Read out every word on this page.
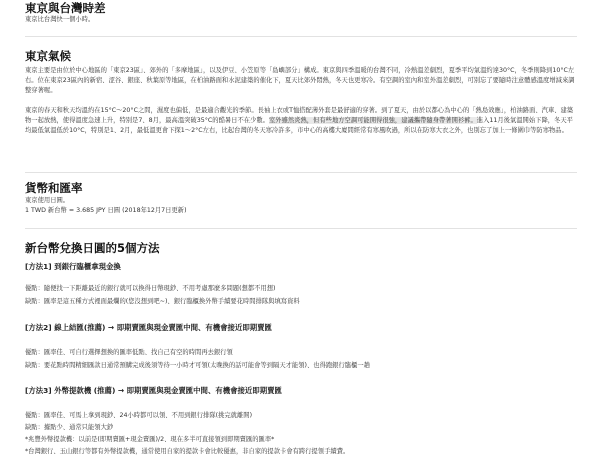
東京與台灣時差

東京比台灣快一個小時。

東京氣候

東京主要是由位於中心地區的「東京23區」、郊外的「多摩地區」，以及伊豆、小笠原等「島嶼部分」構成。東京與四季溫暖的台灣不同，冷熱溫差劇烈，夏季平均氣溫約達30°C，冬季則降到10°C左右。位在東京23區內的新宿、涩谷、銀座、秋葉原等地區，在柏油路面和水泥建築的催化下，夏天比郊外悶熱，冬天也更寒冷。有空調的室內和室外溫差劇烈，可別忘了要隨時注意體感溫度增減來調整穿著喔。

東京的春天和秋天均溫約在15°C～20°C之間，濕度也偏低，是最適合觀光的季節。長袖上衣或T恤搭配薄外套是最舒適的穿著。到了夏天，由於以都心為中心的「熱島效應」，柏油路面、汽車、建築物一起放熱，使得溫度急速上升，特別是7、8月，最高溫突破35°C的酷暑日不在少數。室外雖然炎熱，但有些地方空調可能開得很強，建議攜帶隨身帶著開衫裤。進入11月後氣溫開始下降，冬天平均最低氣溫低於10°C，特別是1、2月，最低溫更會下探1～2°C左右，比起台灣的冬天寒冷許多，市中心的高樓大廈間經常有寒風吹過，所以在防寒大衣之外，也別忘了加上一條圍巾等防寒物品。

貨幣和匯率

東京使用日圓。

1 TWD 新台幣 = 3.685 JPY 日圓 (2018年12月7日更新)

新台幣兌換日圓的5個方法

[方法1] 到銀行臨櫃拿現金換

優點：隨便找一下距離最近的銀行就可以換得日幣現鈔、不用考慮那麼多問題(想都不用想)

缺點：匯率是這五種方式裡面最爛的(您沒想到吧~)、銀行臨櫃換外幣手續要花時間排隊與填寫資料

[方法2] 線上結匯(推薦) → 即期賣匯與現金賣匯中間、有機會接近即期賣匯

優點：匯率佳、可自行選擇想換的匯率低點、找自己有空的時間再去銀行領

缺點：要花點時間精細匯款日通常預購完成後須等待一小時才可領(太晚換的話可能會等到隔天才能領)、也得跑銀行臨櫃一趟

[方法3] 外幣提款機 (推薦) → 即期賣匯與現金賣匯中間、有機會接近即期賣匯

優點：匯率佳、可馬上拿到現鈔、24小時都可以領、不用到銀行排隊(挑完就離開)

缺點：據點少、通常只能領大鈔

*兆豐外幣提款機：以前是(即期賣匯+現金賣匯)/2、現在多半可直接領到即期賣匯的匯率*

*台灣銀行、玉山銀行等都有外幣提款機，通常使用自家的提款卡會比較優惠，非自家的提款卡會有跨行提領手續費。
